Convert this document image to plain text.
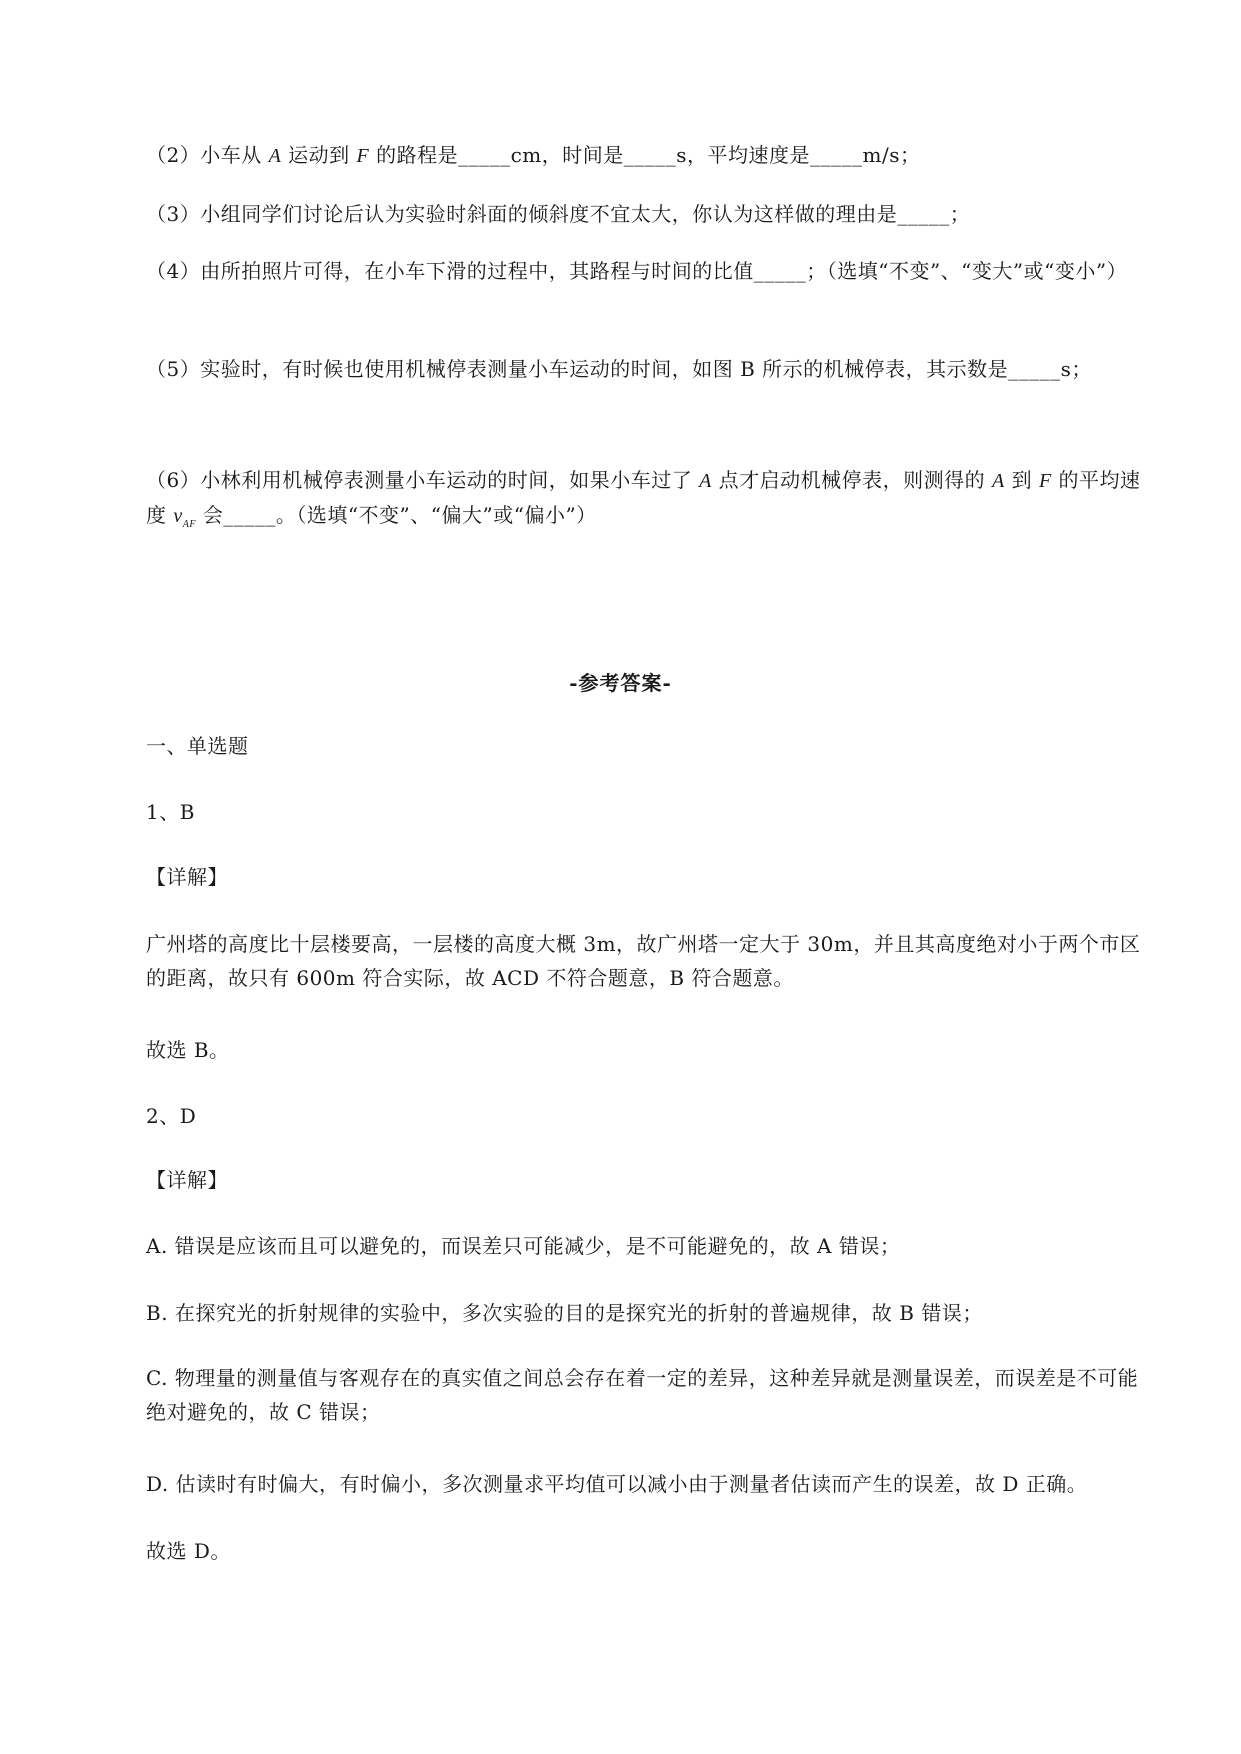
（2）小车从 A 运动到 F 的路程是_____cm，时间是_____s，平均速度是_____m/s；
（3）小组同学们讨论后认为实验时斜面的倾斜度不宜太大，你认为这样做的理由是_____；
（4）由所拍照片可得，在小车下滑的过程中，其路程与时间的比值_____；（选填“不变”、“变大”或“变小”）
（5）实验时，有时候也使用机械停表测量小车运动的时间，如图 B 所示的机械停表，其示数是_____s；
（6）小林利用机械停表测量小车运动的时间，如果小车过了 A 点才启动机械停表，则测得的 A 到 F 的平均速度 $v_{AF}$ 会_____。（选填“不变”、“偏大”或“偏小”）
-参考答案-
一、单选题
1、B
【详解】
广州塔的高度比十层楼要高，一层楼的高度大概 3m，故广州塔一定大于 30m，并且其高度绝对小于两个市区的距离，故只有 600m 符合实际，故 ACD 不符合题意，B 符合题意。
故选 B。
2、D
【详解】
A. 错误是应该而且可以避免的，而误差只可能减少，是不可能避免的，故 A 错误；
B. 在探究光的折射规律的实验中，多次实验的目的是探究光的折射的普遍规律，故 B 错误；
C. 物理量的测量值与客观存在的真实值之间总会存在着一定的差异，这种差异就是测量误差，而误差是不可能绝对避免的，故 C 错误；
D. 估读时有时偏大，有时偏小，多次测量求平均值可以减小由于测量者估读而产生的误差，故 D 正确。
故选 D。
